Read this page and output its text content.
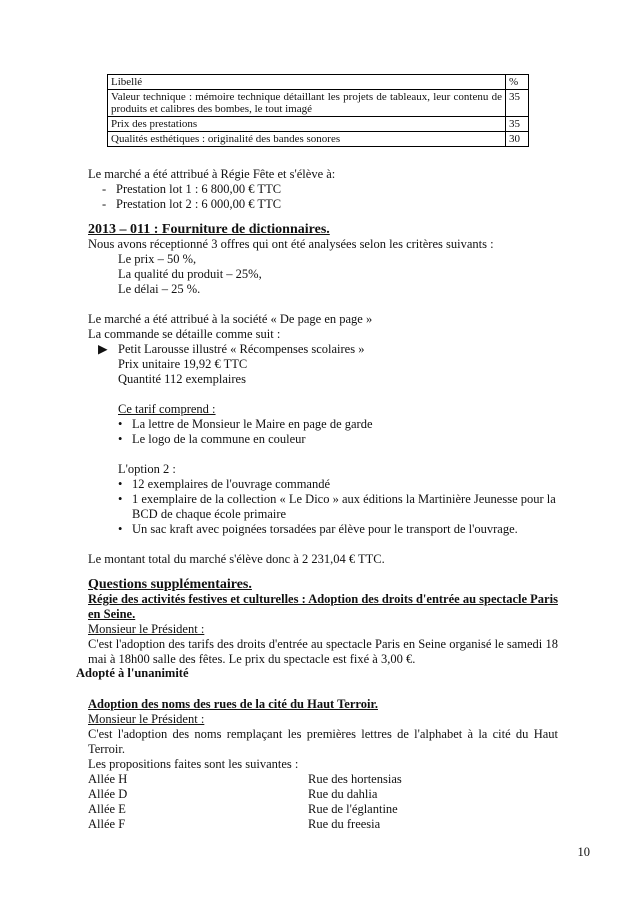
Libellé	%
Valeur technique : mémoire technique détaillant les projets de tableaux, leur contenu de produits et calibres des bombes, le tout imagé	35
Prix des prestations	35
Qualités esthétiques : originalité des bandes sonores	30
Le marché a été attribué à Régie Fête et s'élève à:
- Prestation lot 1 : 6 800,00 € TTC
- Prestation lot 2 : 6 000,00 € TTC
2013 – 011 : Fourniture de dictionnaires.
Nous avons réceptionné 3 offres qui ont été analysées selon les critères suivants :
Le prix – 50 %,
La qualité du produit – 25%,
Le délai – 25 %.
Le marché a été attribué à la société « De page en page »
La commande se détaille comme suit :
▶ Petit Larousse illustré « Récompenses scolaires »
Prix unitaire 19,92 € TTC
Quantité 112 exemplaires
Ce tarif comprend :
• La lettre de Monsieur le Maire en page de garde
• Le logo de la commune en couleur
L'option 2 :
• 12 exemplaires de l'ouvrage commandé
• 1 exemplaire de la collection « Le Dico » aux éditions la Martinière Jeunesse pour la BCD de chaque école primaire
• Un sac kraft avec poignées torsadées par élève pour le transport de l'ouvrage.
Le montant total du marché s'élève donc à 2 231,04 € TTC.
Questions supplémentaires.
Régie des activités festives et culturelles : Adoption des droits d'entrée au spectacle Paris en Seine.
Monsieur le Président :
C'est l'adoption des tarifs des droits d'entrée au spectacle Paris en Seine organisé le samedi 18 mai à 18h00 salle des fêtes. Le prix du spectacle est fixé à 3,00 €.
Adopté à l'unanimité
Adoption des noms des rues de la cité du Haut Terroir.
Monsieur le Président :
C'est l'adoption des noms remplaçant les premières lettres de l'alphabet à la cité du Haut Terroir.
Les propositions faites sont les suivantes :
Allée H	Rue des hortensias
Allée D	Rue du dahlia
Allée E	Rue de l'églantine
Allée F	Rue du freesia
10
